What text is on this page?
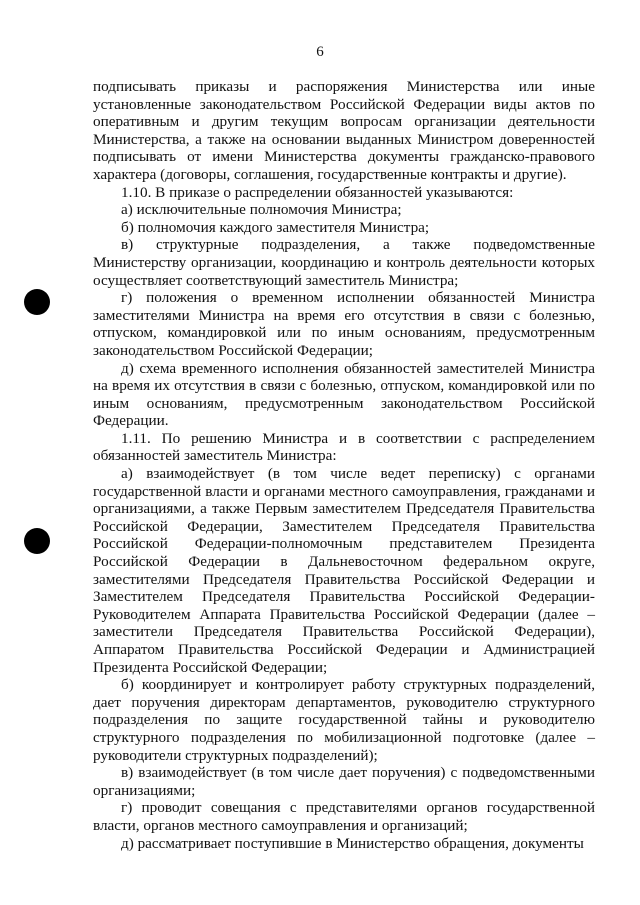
6

подписывать приказы и распоряжения Министерства или иные установленные законодательством Российской Федерации виды актов по оперативным и другим текущим вопросам организации деятельности Министерства, а также на основании выданных Министром доверенностей подписывать от имени Министерства документы гражданско-правового характера (договоры, соглашения, государственные контракты и другие).

1.10. В приказе о распределении обязанностей указываются:

а) исключительные полномочия Министра;

б) полномочия каждого заместителя Министра;

в) структурные подразделения, а также подведомственные Министерству организации, координацию и контроль деятельности которых осуществляет соответствующий заместитель Министра;

г) положения о временном исполнении обязанностей Министра заместителями Министра на время его отсутствия в связи с болезнью, отпуском, командировкой или по иным основаниям, предусмотренным законодательством Российской Федерации;

д) схема временного исполнения обязанностей заместителей Министра на время их отсутствия в связи с болезнью, отпуском, командировкой или по иным основаниям, предусмотренным законодательством Российской Федерации.

1.11. По решению Министра и в соответствии с распределением обязанностей заместитель Министра:

а) взаимодействует (в том числе ведет переписку) с органами государственной власти и органами местного самоуправления, гражданами и организациями, а также Первым заместителем Председателя Правительства Российской Федерации, Заместителем Председателя Правительства Российской Федерации-полномочным представителем Президента Российской Федерации в Дальневосточном федеральном округе, заместителями Председателя Правительства Российской Федерации и Заместителем Председателя Правительства Российской Федерации-Руководителем Аппарата Правительства Российской Федерации (далее – заместители Председателя Правительства Российской Федерации), Аппаратом Правительства Российской Федерации и Администрацией Президента Российской Федерации;

б) координирует и контролирует работу структурных подразделений, дает поручения директорам департаментов, руководителю структурного подразделения по защите государственной тайны и руководителю структурного подразделения по мобилизационной подготовке (далее – руководители структурных подразделений);

в) взаимодействует (в том числе дает поручения) с подведомственными организациями;

г) проводит совещания с представителями органов государственной власти, органов местного самоуправления и организаций;

д) рассматривает поступившие в Министерство обращения, документы
